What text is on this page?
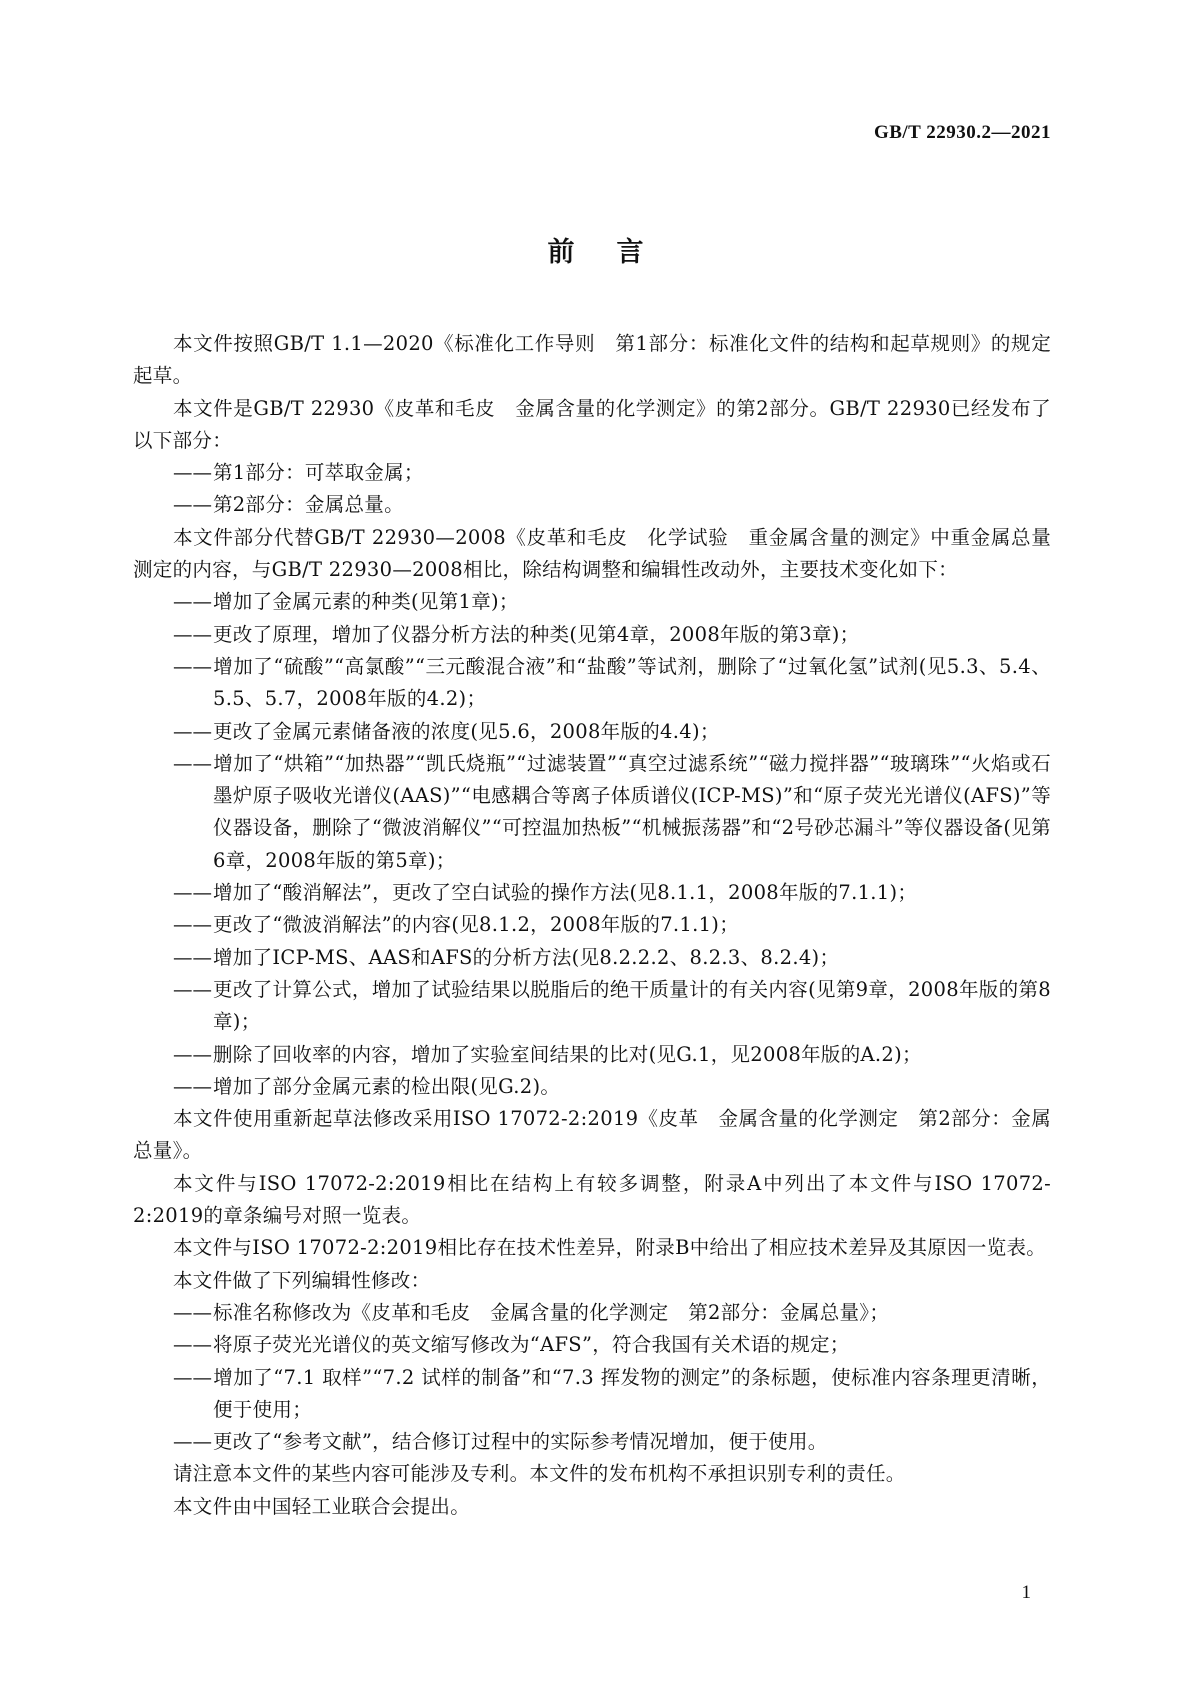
GB/T 22930.2—2021
前言

本文件按照GB/T 1.1—2020《标准化工作导则　第1部分：标准化文件的结构和起草规则》的规定起草。

本文件是GB/T 22930《皮革和毛皮　金属含量的化学测定》的第2部分。GB/T 22930已经发布了以下部分：

——第1部分：可萃取金属；

——第2部分：金属总量。

本文件部分代替GB/T 22930—2008《皮革和毛皮　化学试验　重金属含量的测定》中重金属总量测定的内容，与GB/T 22930—2008相比，除结构调整和编辑性改动外，主要技术变化如下：

——增加了金属元素的种类(见第1章)；

——更改了原理，增加了仪器分析方法的种类(见第4章，2008年版的第3章)；

——增加了“硫酸”“高氯酸”“三元酸混合液”和“盐酸”等试剂，删除了“过氧化氢”试剂(见5.3、5.4、5.5、5.7，2008年版的4.2)；

——更改了金属元素储备液的浓度(见5.6，2008年版的4.4)；

——增加了“烘箱”“加热器”“凯氏烧瓶”“过滤装置”“真空过滤系统”“磁力搅拌器”“玻璃珠”“火焰或石墨炉原子吸收光谱仪(AAS)”“电感耦合等离子体质谱仪(ICP-MS)”和“原子荧光光谱仪(AFS)”等仪器设备，删除了“微波消解仪”“可控温加热板”“机械振荡器”和“2号砂芯漏斗”等仪器设备(见第6章，2008年版的第5章)；

——增加了“酸消解法”，更改了空白试验的操作方法(见8.1.1，2008年版的7.1.1)；

——更改了“微波消解法”的内容(见8.1.2，2008年版的7.1.1)；

——增加了ICP-MS、AAS和AFS的分析方法(见8.2.2.2、8.2.3、8.2.4)；

——更改了计算公式，增加了试验结果以脱脂后的绝干质量计的有关内容(见第9章，2008年版的第8章)；

——删除了回收率的内容，增加了实验室间结果的比对(见G.1，见2008年版的A.2)；

——增加了部分金属元素的检出限(见G.2)。

本文件使用重新起草法修改采用ISO 17072-2:2019《皮革　金属含量的化学测定　第2部分：金属总量》。

本文件与ISO 17072-2:2019相比在结构上有较多调整，附录A中列出了本文件与ISO 17072-2:2019的章条编号对照一览表。

本文件与ISO 17072-2:2019相比存在技术性差异，附录B中给出了相应技术差异及其原因一览表。

本文件做了下列编辑性修改：

——标准名称修改为《皮革和毛皮　金属含量的化学测定　第2部分：金属总量》；

——将原子荧光光谱仪的英文缩写修改为“AFS”，符合我国有关术语的规定；

——增加了“7.1 取样”“7.2 试样的制备”和“7.3 挥发物的测定”的条标题，使标准内容条理更清晰，便于使用；

——更改了“参考文献”，结合修订过程中的实际参考情况增加，便于使用。

请注意本文件的某些内容可能涉及专利。本文件的发布机构不承担识别专利的责任。

本文件由中国轻工业联合会提出。

1
